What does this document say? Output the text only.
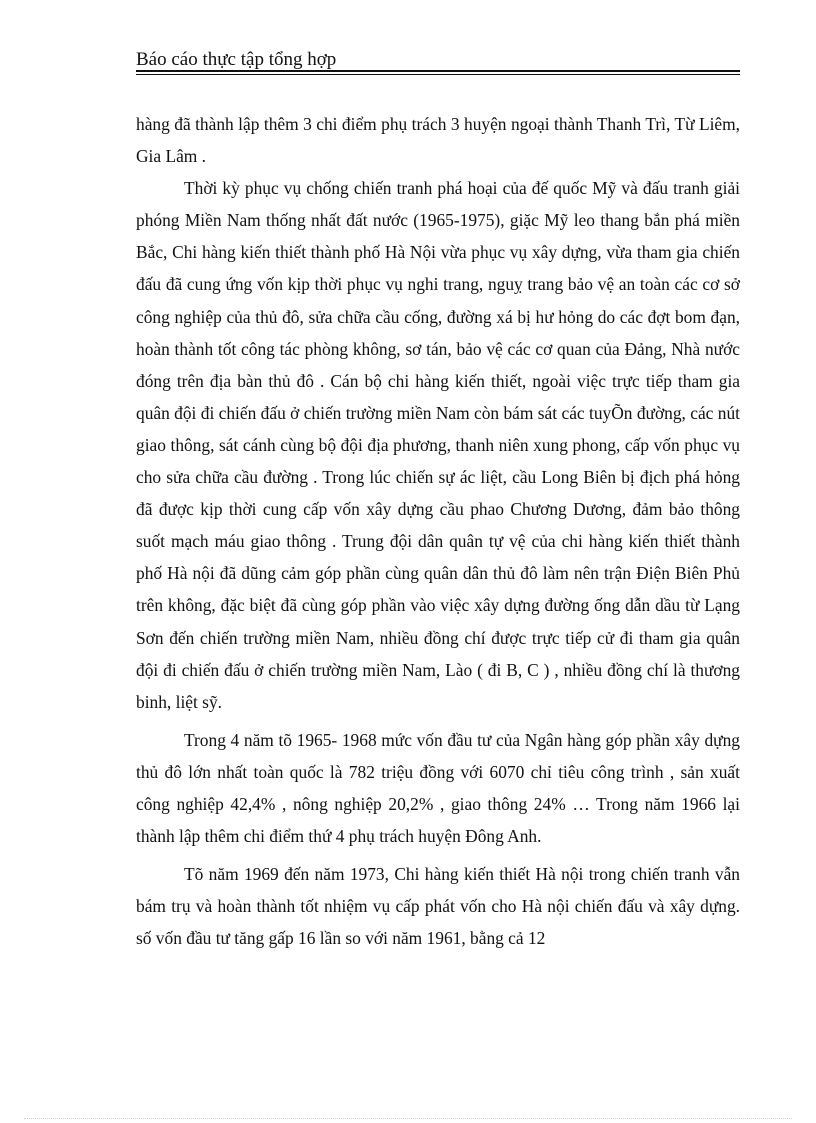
Báo cáo thực tập tổng hợp

hàng đã thành lập thêm 3 chi điểm phụ trách 3 huyện ngoại thành Thanh Trì, Từ Liêm, Gia Lâm .

Thời kỳ phục vụ chống chiến tranh phá hoại của đế quốc Mỹ và đấu tranh giải phóng Miền Nam thống nhất đất nước (1965-1975), giặc Mỹ leo thang bắn phá miền Bắc, Chi hàng kiến thiết thành phố Hà Nội vừa phục vụ xây dựng, vừa tham gia chiến đấu đã cung ứng vốn kịp thời phục vụ nghi trang, nguỵ trang bảo vệ an toàn các cơ sở công nghiệp của thủ đô, sửa chữa cầu cống, đường xá bị hư hỏng do các đợt bom đạn, hoàn thành tốt công tác phòng không, sơ tán, bảo vệ các cơ quan của Đảng, Nhà nước đóng trên địa bàn thủ đô . Cán bộ chi hàng kiến thiết, ngoài việc trực tiếp tham gia quân đội đi chiến đấu ở chiến trường miền Nam còn bám sát các tuyÕn đường, các nút giao thông, sát cánh cùng bộ đội địa phương, thanh niên xung phong, cấp vốn phục vụ cho sửa chữa cầu đường . Trong lúc chiến sự ác liệt, cầu Long Biên bị địch phá hỏng đã được kịp thời cung cấp vốn xây dựng cầu phao Chương Dương, đảm bảo thông suốt mạch máu giao thông . Trung đội dân quân tự vệ của chi hàng kiến thiết thành phố Hà nội đã dũng cảm góp phần cùng quân dân thủ đô làm nên trận Điện Biên Phủ trên không, đặc biệt đã cùng góp phần vào việc xây dựng đường ống dẫn dầu từ Lạng Sơn đến chiến trường miền Nam, nhiều đồng chí được trực tiếp cử đi tham gia quân đội đi chiến đấu ở chiến trường miền Nam, Lào ( đi B, C ) , nhiều đồng chí là thương binh, liệt sỹ.

Trong 4 năm tõ 1965- 1968 mức vốn đầu tư của Ngân hàng góp phần xây dựng thủ đô lớn nhất toàn quốc là 782 triệu đồng với 6070 chỉ tiêu công trình , sản xuất công nghiệp 42,4% , nông nghiệp 20,2% , giao thông 24% … Trong năm 1966 lại thành lập thêm chi điểm thứ 4 phụ trách huyện Đông Anh.

Tõ năm 1969 đến năm 1973, Chi hàng kiến thiết Hà nội trong chiến tranh vẫn bám trụ và hoàn thành tốt nhiệm vụ cấp phát vốn cho Hà nội chiến đấu và xây dựng. số vốn đầu tư tăng gấp 16 lần so với năm 1961, bằng cả 12
